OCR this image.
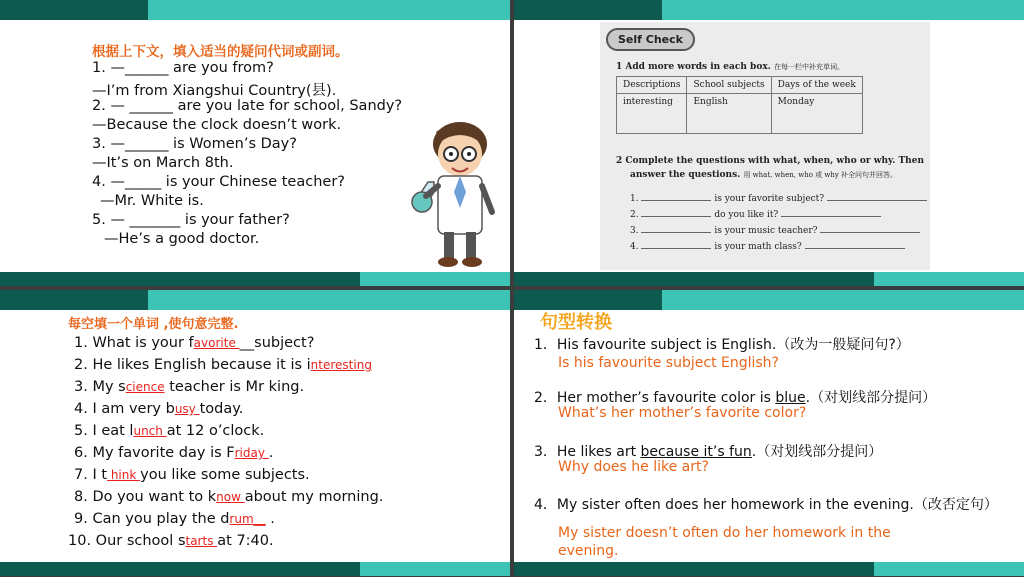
根据上下文，填入适当的疑问代词或副词。
1. —______ are you from?
—I’m from Xiangshui Country(县).
2. — ______ are you late for school, Sandy?
—Because the clock doesn’t work.
3. —______ is Women’s Day?
—It’s on March 8th.
4. —_____ is your Chinese teacher?
—Mr. White is.
5. — _______ is your father?
—He’s a good doctor.
Self Check
1 Add more words in each box. 在每一栏中补充单词。
Descriptions	School subjects	Days of the week
interesting	English	Monday
2 Complete the questions with what, when, who or why. Then
answer the questions. 用 what, when, who 或 why 补全问句并回答。
1.	is your favorite subject?
2.	do you like it?
3.	is your music teacher?
4.	is your math class?
每空填一个单词 ,使句意完整.
1. What is your favorite __subject?
2. He likes English because it is interesting
3. My science teacher is Mr king.
4. I am very busy today.
5. I eat lunch at 12 o’clock.
6. My favorite day is Friday .
7. I t hink you like some subjects.
8. Do you want to know about my morning.
9. Can you play the drum__ .
10. Our school starts at 7:40.
句型转换
1．His favourite subject is English.（改为一般疑问句?）
Is his favourite subject English?
2．Her mother’s favourite color is blue.（对划线部分提问）
What’s her mother’s favorite color?
3．He likes art because it’s fun.（对划线部分提问）
Why does he like art?
4．My sister often does her homework in the evening.（改否定句）
My sister doesn’t often do her homework in the
evening.
